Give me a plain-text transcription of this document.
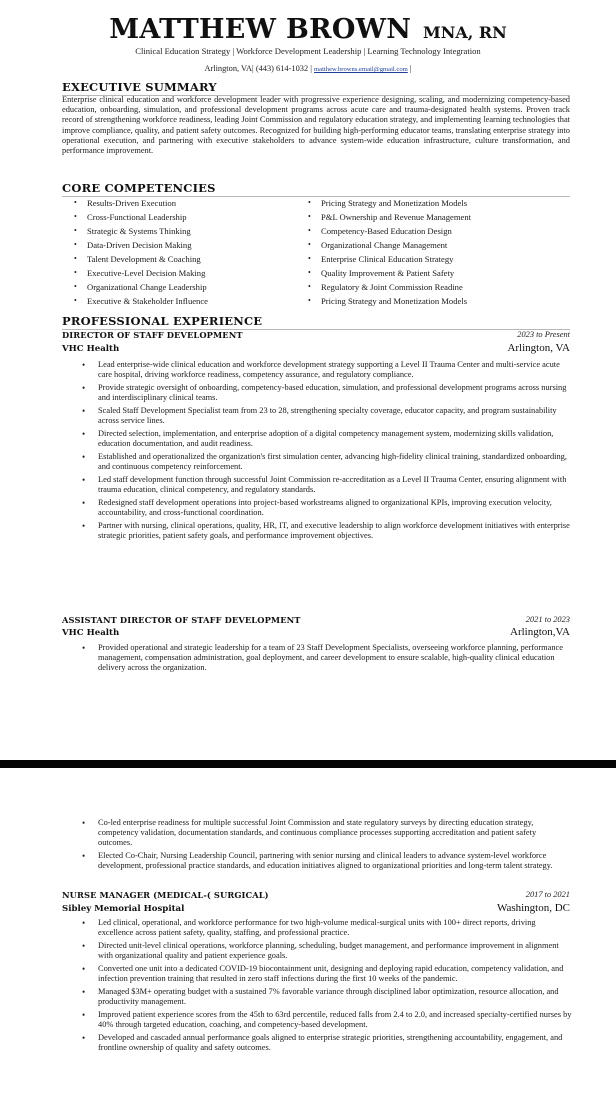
MATTHEW BROWN MNA, RN
Clinical Education Strategy | Workforce Development Leadership | Learning Technology Integration
Arlington, VA| (443) 614-1032 | matthew.browns.email@gmail.com |
EXECUTIVE SUMMARY

Enterprise clinical education and workforce development leader with progressive experience designing, scaling, and modernizing competency-based education, onboarding, simulation, and professional development programs across acute care and trauma-designated health systems. Proven track record of strengthening workforce readiness, leading Joint Commission and regulatory education strategy, and implementing learning technologies that improve compliance, quality, and patient safety outcomes. Recognized for building high-performing educator teams, translating enterprise strategy into operational execution, and partnering with executive stakeholders to advance system-wide education infrastructure, culture transformation, and performance improvement.

CORE COMPETENCIES
• Results-Driven Execution
• Cross-Functional Leadership
• Strategic & Systems Thinking
• Data-Driven Decision Making
• Talent Development & Coaching
• Executive-Level Decision Making
• Organizational Change Leadership
• Executive & Stakeholder Influence
• Pricing Strategy and Monetization Models
• P&L Ownership and Revenue Management
• Competency-Based Education Design
• Organizational Change Management
• Enterprise Clinical Education Strategy
• Quality Improvement & Patient Safety
• Regulatory & Joint Commission Readine
• Pricing Strategy and Monetization Models
PROFESSIONAL EXPERIENCE
DIRECTOR OF STAFF DEVELOPMENT	2023 to Present
VHC Health	Arlington, VA
• Lead enterprise-wide clinical education and workforce development strategy supporting a Level II Trauma Center and multi-service acute care hospital, driving workforce readiness, competency assurance, and regulatory compliance.
• Provide strategic oversight of onboarding, competency-based education, simulation, and professional development programs across nursing and interdisciplinary clinical teams.
• Scaled Staff Development Specialist team from 23 to 28, strengthening specialty coverage, educator capacity, and program sustainability across service lines.
• Directed selection, implementation, and enterprise adoption of a digital competency management system, modernizing skills validation, education documentation, and audit readiness.
• Established and operationalized the organization's first simulation center, advancing high-fidelity clinical training, standardized onboarding, and continuous competency reinforcement.
• Led staff development function through successful Joint Commission re-accreditation as a Level II Trauma Center, ensuring alignment with trauma education, clinical competency, and regulatory standards.
• Redesigned staff development operations into project-based workstreams aligned to organizational KPIs, improving execution velocity, accountability, and cross-functional coordination.
• Partner with nursing, clinical operations, quality, HR, IT, and executive leadership to align workforce development initiatives with enterprise strategic priorities, patient safety goals, and performance improvement objectives.
ASSISTANT DIRECTOR OF STAFF DEVELOPMENT	2021 to 2023
VHC Health	Arlington,VA
• Provided operational and strategic leadership for a team of 23 Staff Development Specialists, overseeing workforce planning, performance management, compensation administration, goal deployment, and career development to ensure scalable, high-quality clinical education delivery across the organization.
• Co-led enterprise readiness for multiple successful Joint Commission and state regulatory surveys by directing education strategy, competency validation, documentation standards, and continuous compliance processes supporting accreditation and patient safety outcomes.
• Elected Co-Chair, Nursing Leadership Council, partnering with senior nursing and clinical leaders to advance system-level workforce development, professional practice standards, and education initiatives aligned to organizational priorities and long-term talent strategy.
NURSE MANAGER (MEDICAL-( SURGICAL)	2017 to 2021
Sibley Memorial Hospital	Washington, DC
• Led clinical, operational, and workforce performance for two high-volume medical-surgical units with 100+ direct reports, driving excellence across patient safety, quality, staffing, and professional practice.
• Directed unit-level clinical operations, workforce planning, scheduling, budget management, and performance improvement in alignment with organizational quality and patient experience goals.
• Converted one unit into a dedicated COVID-19 biocontainment unit, designing and deploying rapid education, competency validation, and infection prevention training that resulted in zero staff infections during the first 10 weeks of the pandemic.
• Managed $3M+ operating budget with a sustained 7% favorable variance through disciplined labor optimization, resource allocation, and productivity management.
• Improved patient experience scores from the 45th to 63rd percentile, reduced falls from 2.4 to 2.0, and increased specialty-certified nurses by 40% through targeted education, coaching, and competency-based development.
• Developed and cascaded annual performance goals aligned to enterprise strategic priorities, strengthening accountability, engagement, and frontline ownership of quality and safety outcomes.
